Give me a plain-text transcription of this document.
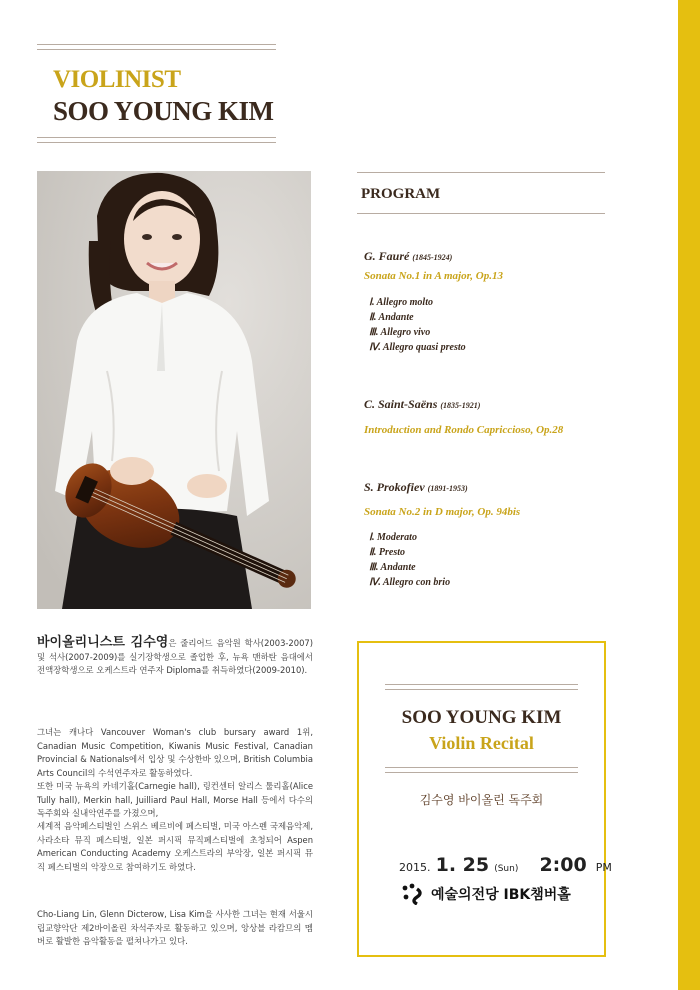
VIOLINIST
SOO YOUNG KIM
PROGRAM
G. Fauré (1845-1924)
Sonata No.1 in A major, Op.13
Ⅰ. Allegro molto
Ⅱ. Andante
Ⅲ. Allegro vivo
Ⅳ. Allegro quasi presto
C. Saint-Saëns (1835-1921)
Introduction and Rondo Capriccioso, Op.28
S. Prokofiev (1891-1953)
Sonata No.2 in D major, Op. 94bis
Ⅰ. Moderato
Ⅱ. Presto
Ⅲ. Andante
Ⅳ. Allegro con brio
바이올리니스트 김수영은 줄리어드 음악원 학사(2003-2007)및 석사(2007-2009)를 실기장학생으로 졸업한 후, 뉴욕 맨하탄 음대에서 전액장학생으로 오케스트라 연주자 Diploma를 취득하였다(2009-2010).
그녀는 캐나다 Vancouver Woman's club bursary award 1위, Canadian Music Competition, Kiwanis Music Festival, Canadian Provincial & Nationals에서 입상 및 수상한바 있으며, British Columbia Arts Council의 수석연주자로 활동하였다.
또한 미국 뉴욕의 카네기홀(Carnegie hall), 링컨센터 알리스 툴리홀(Alice Tully hall), Merkin hall, Juilliard Paul Hall, Morse Hall 등에서 다수의 독주회와 실내악연주를 가졌으며,
세계적 음악페스티벌인 스위스 베르비에 페스티벌, 미국 아스펜 국제음악제, 사라소타 뮤직 페스티벌, 일본 퍼시픽 뮤직페스티벌에 초청되어 Aspen American Conducting Academy 오케스트라의 부악장, 일본 퍼시픽 뮤직 페스티벌의 악장으로 참여하기도 하였다.
Cho-Liang Lin, Glenn Dicterow, Lisa Kim을 사사한 그녀는 현재 서울시립교향악단 제2바이올린 차석주자로 활동하고 있으며, 앙상블 라캄므의 멤버로 활발한 음악활동을 펼쳐나가고 있다.
SOO YOUNG KIM
Violin Recital
김수영 바이올린 독주회
2015. 1. 25 (Sun) 2:00 PM
예술의전당 IBK챔버홀
